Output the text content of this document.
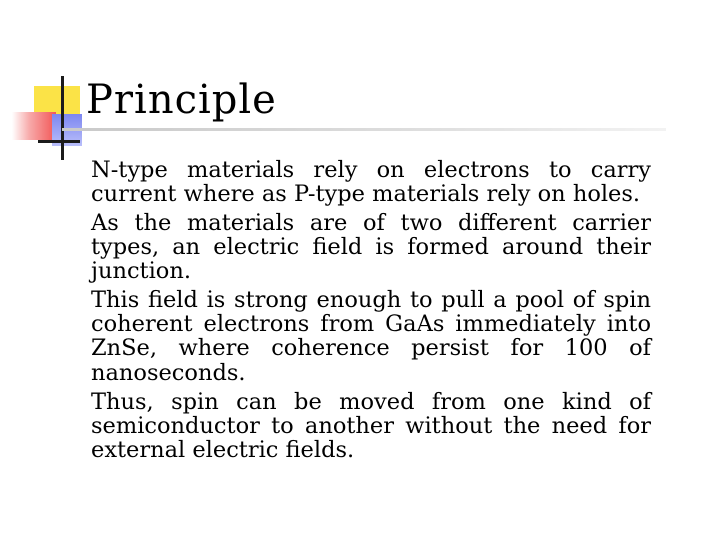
Principle
N-type materials rely on electrons to carry current where as P-type materials rely on holes.
As the materials are of two different carrier types, an electric field is formed around their junction.
This field is strong enough to pull a pool of spin coherent electrons from GaAs immediately into ZnSe, where coherence persist for 100 of nanoseconds.
Thus, spin can be moved from one kind of semiconductor to another without the need for external electric fields.
